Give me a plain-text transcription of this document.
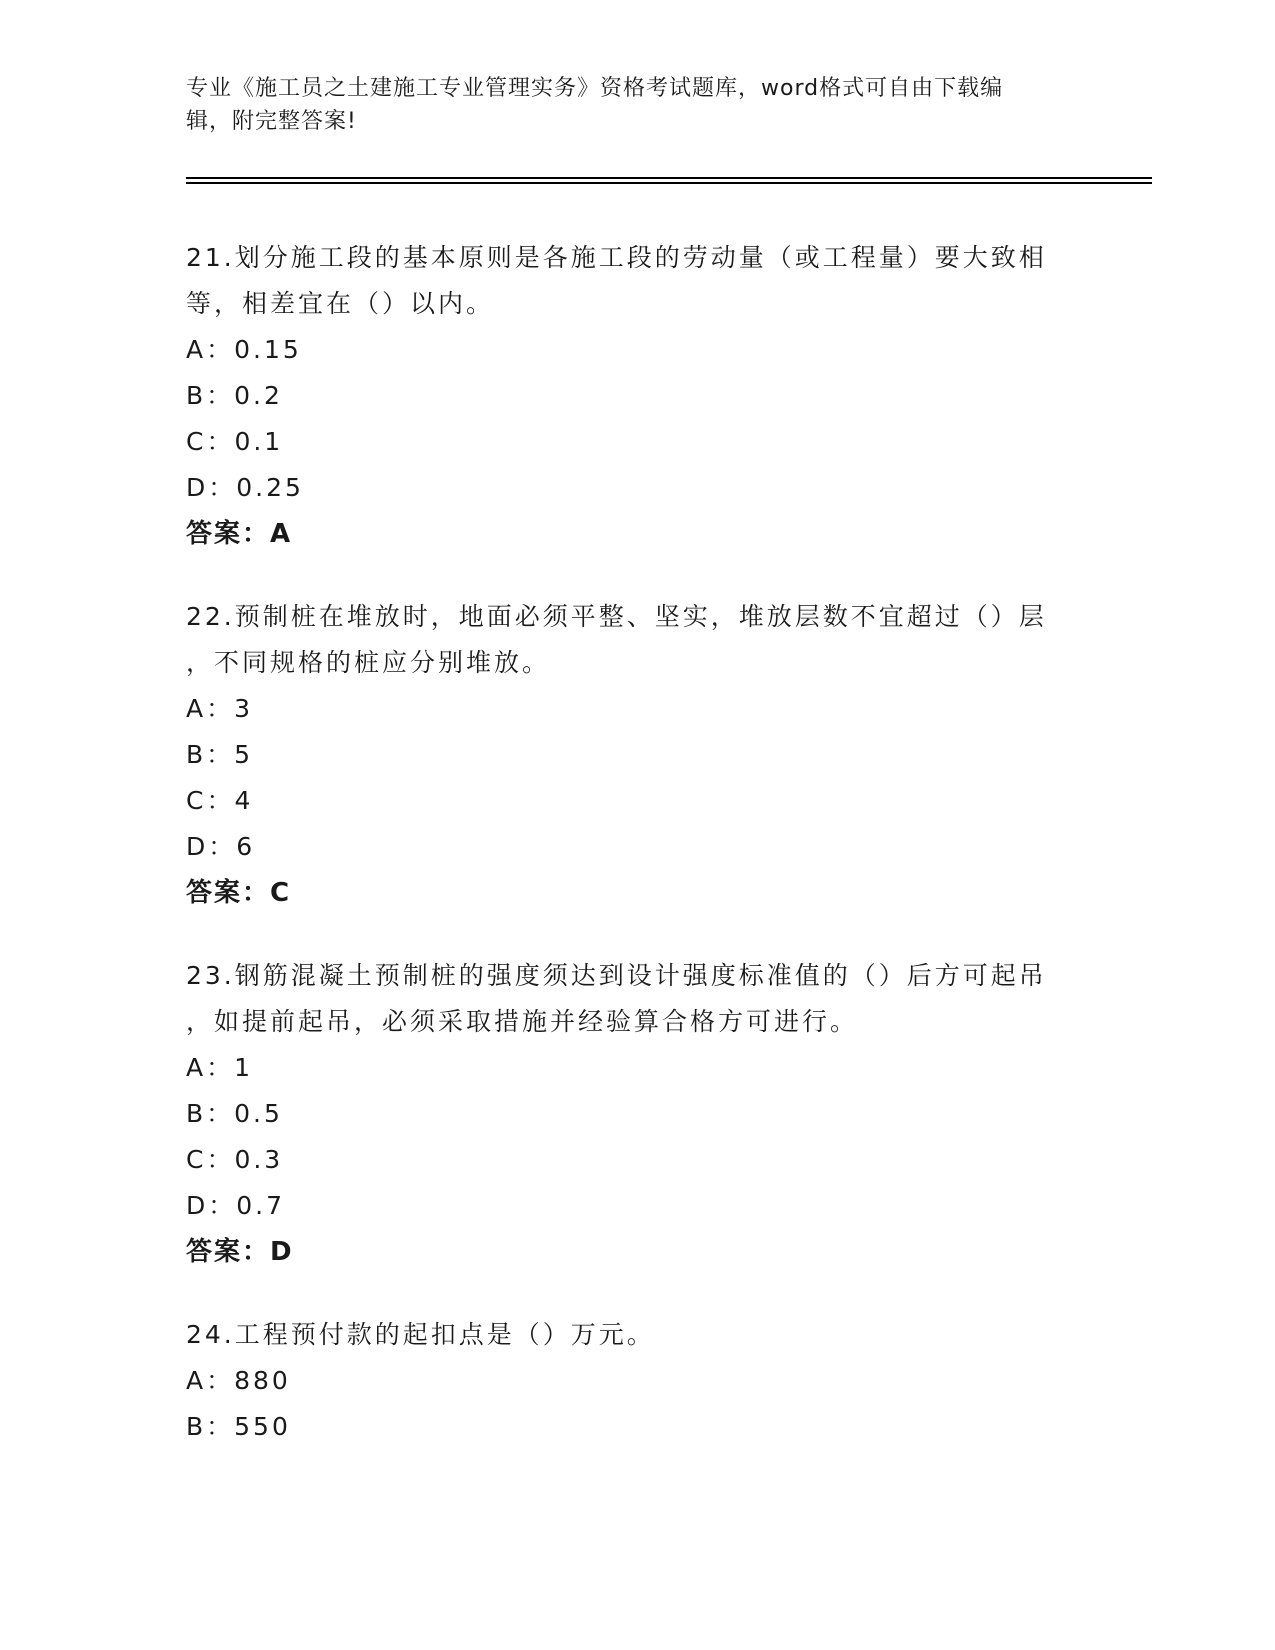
专业《施工员之土建施工专业管理实务》资格考试题库，word格式可自由下载编
辑，附完整答案!
21.划分施工段的基本原则是各施工段的劳动量（或工程量）要大致相
等，相差宜在（）以内。
A：0.15
B：0.2
C：0.1
D：0.25
答案：A
22.预制桩在堆放时，地面必须平整、坚实，堆放层数不宜超过（）层
，不同规格的桩应分别堆放。
A：3
B：5
C：4
D：6
答案：C
23.钢筋混凝土预制桩的强度须达到设计强度标准值的（）后方可起吊
，如提前起吊，必须采取措施并经验算合格方可进行。
A：1
B：0.5
C：0.3
D：0.7
答案：D
24.工程预付款的起扣点是（）万元。
A：880
B：550
